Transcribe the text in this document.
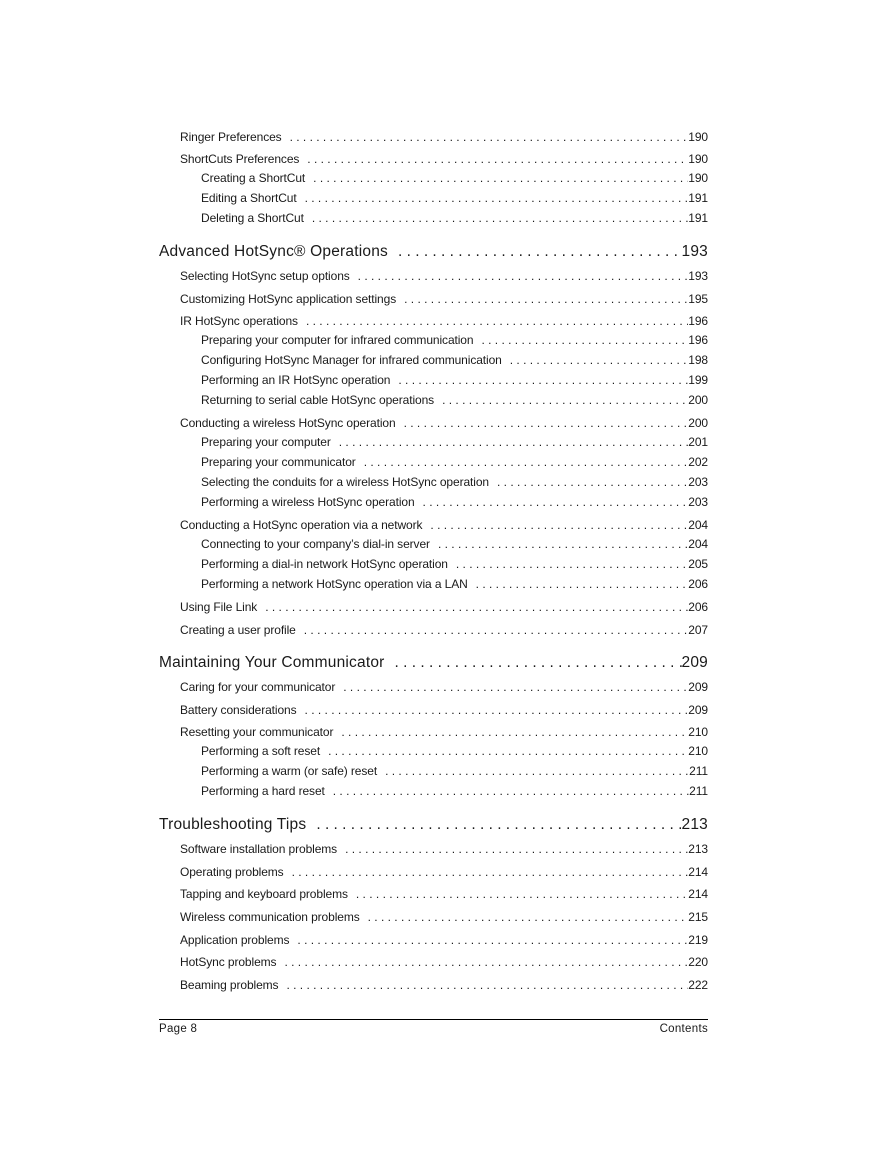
Ringer Preferences . . .	190
ShortCuts Preferences . . .	190
Creating a ShortCut . . .	190
Editing a ShortCut . . .	191
Deleting a ShortCut . . .	191
Advanced HotSync® Operations . . .	193
Selecting HotSync setup options . . .	193
Customizing HotSync application settings . . .	195
IR HotSync operations . . .	196
Preparing your computer for infrared communication . . .	196
Configuring HotSync Manager for infrared communication . . .	198
Performing an IR HotSync operation . . .	199
Returning to serial cable HotSync operations . . .	200
Conducting a wireless HotSync operation . . .	200
Preparing your computer . . .	201
Preparing your communicator . . .	202
Selecting the conduits for a wireless HotSync operation . . .	203
Performing a wireless HotSync operation . . .	203
Conducting a HotSync operation via a network . . .	204
Connecting to your company’s dial-in server . . .	204
Performing a dial-in network HotSync operation . . .	205
Performing a network HotSync operation via a LAN . . .	206
Using File Link . . .	206
Creating a user profile . . .	207
Maintaining Your Communicator . . .	209
Caring for your communicator . . .	209
Battery considerations . . .	209
Resetting your communicator . . .	210
Performing a soft reset . . .	210
Performing a warm (or safe) reset . . .	211
Performing a hard reset . . .	211
Troubleshooting Tips . . .	213
Software installation problems . . .	213
Operating problems . . .	214
Tapping and keyboard problems . . .	214
Wireless communication problems . . .	215
Application problems . . .	219
HotSync problems . . .	220
Beaming problems . . .	222
Page 8	Contents
